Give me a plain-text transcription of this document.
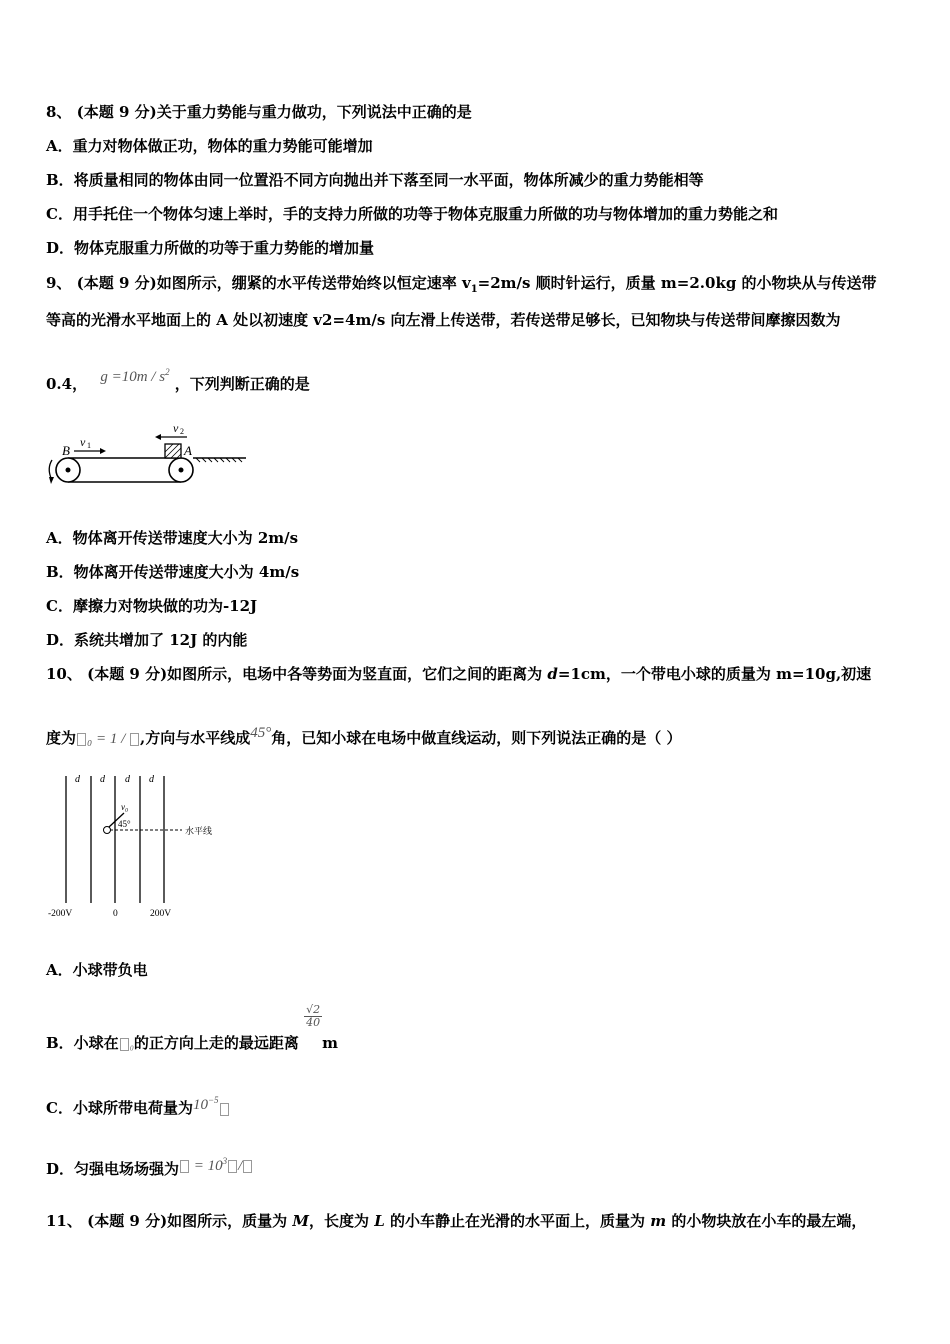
8、 (本题 9 分)关于重力势能与重力做功，下列说法中正确的是
A．重力对物体做正功，物体的重力势能可能增加
B．将质量相同的物体由同一位置沿不同方向抛出并下落至同一水平面，物体所减少的重力势能相等
C．用手托住一个物体匀速上举时，手的支持力所做的功等于物体克服重力所做的功与物体增加的重力势能之和
D．物体克服重力所做的功等于重力势能的增加量
9、 (本题 9 分)如图所示，绷紧的水平传送带始终以恒定速率 $v_1=2m/s$ 顺时针运行，质量 m=2.0kg 的小物块从与传送带
等高的光滑水平地面上的 A 处以初速度 v2=4m/s 向左滑上传送带，若传送带足够长，已知物块与传送带间摩擦因数为
0.4， $g =10m / s^2$ ，下列判断正确的是
B	A
v 1
v 2
A．物体离开传送带速度大小为 2m/s
B．物体离开传送带速度大小为 4m/s
C．摩擦力对物块做的功为-12J
D．系统共增加了 12J 的内能
10、 (本题 9 分)如图所示，电场中各等势面为竖直面，它们之间的距离为 d=1cm，一个带电小球的质量为 m=10g,初速
度为 ₀ = 1 / ,方向与水平线成45°角，已知小球在电场中做直线运动，则下列说法正确的是（ ）
d d d d
水平线
v₀
45°
-200V	0	200V
A．小球带负电
B．小球在 ₀的正方向上走的最远距离
$\frac{√2}{40}$
m
C．小球所带电荷量为$10^{-5}$
D．匀强电场场强为 = $10^3$ /
11、 (本题 9 分)如图所示，质量为 M，长度为 L 的小车静止在光滑的水平面上，质量为 m 的小物块放在小车的最左端，
